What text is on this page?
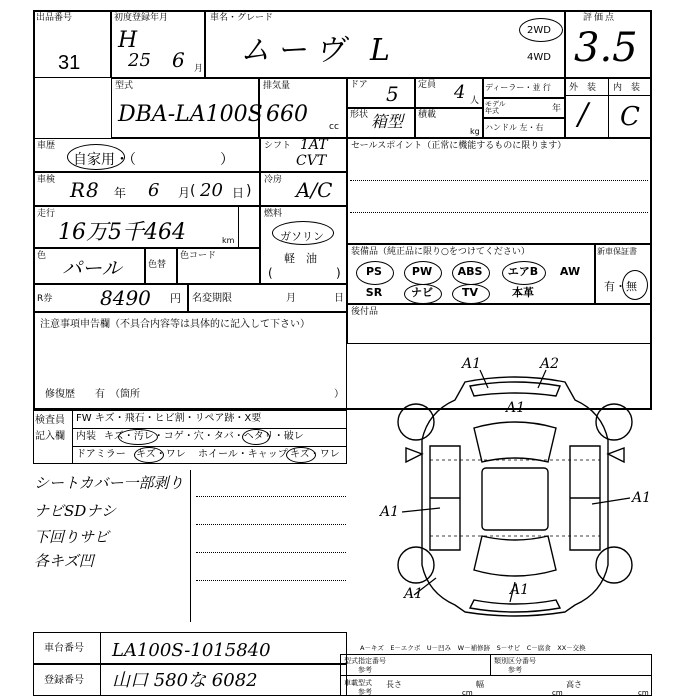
出品番号
31
初度登録年月
H
25 6 月
車名・グレード
ムーヴ L
2WD
4WD
評価点
3.5
型式
DBA-LA100S
排気量
660 cc
ドア 5 定員 4 人
ディーラー・並 行
モデル年式	年
ハンドル 左・右
形状 箱型 積載
kg
外　装 内　装
/ C
車歴
自家用・（　　　　　　）
シフト 1AT
CVT
車検 R 8 年 6 月 ( 20 日 )
冷房 A/C
走行
16万5千464	km
燃料
ガソリン
軽　油
(	)
色 パール	色替
色コード
R券 8490 円 名変期限	月	日
セールスポイント（正常に機能するものに限ります）
装備品（純正品に限り○をつけてください）
PS	PW	ABS	エアB	AW
SR	ナビ	TV	本革
新車保証書
有・無
後付品
注意事項申告欄（不具合内容等は具体的に記入して下さい）
修復歴　　有　（箇所	）
検査員
記入欄
FW キズ・飛石・ヒビ割・リペア跡・X要
内装 キズ・汚レ・コゲ・穴・タバ・ヘタリ・破レ
ドアミラー キズ・ワレ ホイール・キャップ キズ・ワレ
シートカバー一部剥り
ナビSDナシ
下回りサビ
各キズ凹
A1	A2
A1
A1
A1
A1	A1
A－キズ　E－エクボ　U－凹み　W－補修跡　S－サビ　C－腐食　XX－交換
車台番号 LA100S-1015840
登録番号 山口 580な 6082
型式指定番号
参考
類別区分番号
参考
車載型式
参考
長さ
cm
幅
cm
高さ
cm
